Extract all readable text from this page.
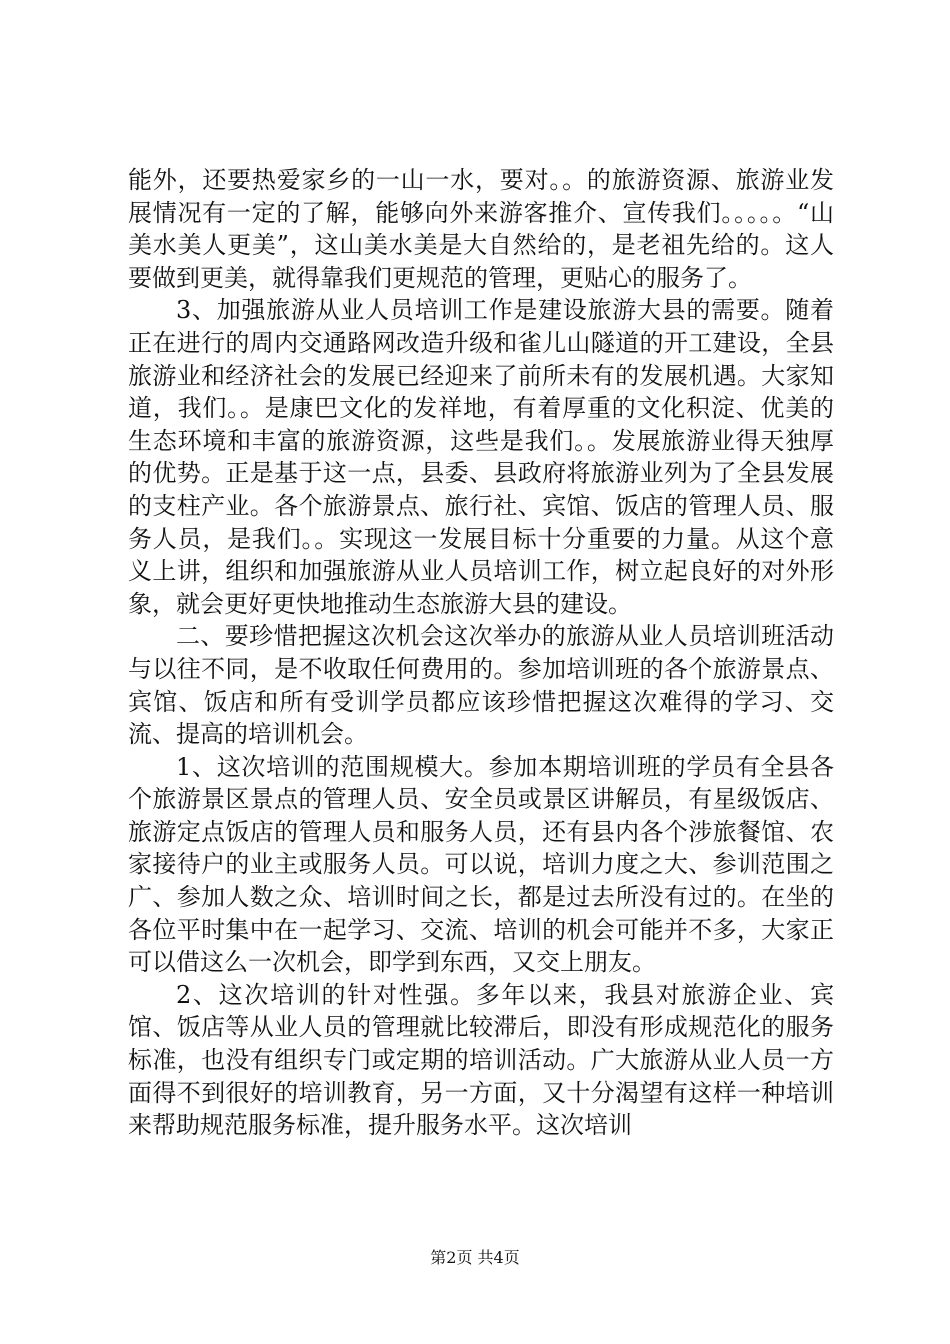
能外，还要热爱家乡的一山一水，要对。。的旅游资源、旅游业发展情况有一定的了解，能够向外来游客推介、宣传我们。。。。。“山美水美人更美”，这山美水美是大自然给的，是老祖先给的。这人要做到更美，就得靠我们更规范的管理，更贴心的服务了。

3、加强旅游从业人员培训工作是建设旅游大县的需要。随着正在进行的周内交通路网改造升级和雀儿山隧道的开工建设，全县旅游业和经济社会的发展已经迎来了前所未有的发展机遇。大家知道，我们。。是康巴文化的发祥地，有着厚重的文化积淀、优美的生态环境和丰富的旅游资源，这些是我们。。发展旅游业得天独厚的优势。正是基于这一点，县委、县政府将旅游业列为了全县发展的支柱产业。各个旅游景点、旅行社、宾馆、饭店的管理人员、服务人员，是我们。。实现这一发展目标十分重要的力量。从这个意义上讲，组织和加强旅游从业人员培训工作，树立起良好的对外形象，就会更好更快地推动生态旅游大县的建设。

二、要珍惜把握这次机会这次举办的旅游从业人员培训班活动与以往不同，是不收取任何费用的。参加培训班的各个旅游景点、宾馆、饭店和所有受训学员都应该珍惜把握这次难得的学习、交流、提高的培训机会。

1、这次培训的范围规模大。参加本期培训班的学员有全县各个旅游景区景点的管理人员、安全员或景区讲解员，有星级饭店、旅游定点饭店的管理人员和服务人员，还有县内各个涉旅餐馆、农家接待户的业主或服务人员。可以说，培训力度之大、参训范围之广、参加人数之众、培训时间之长，都是过去所没有过的。在坐的各位平时集中在一起学习、交流、培训的机会可能并不多，大家正可以借这么一次机会，即学到东西，又交上朋友。

2、这次培训的针对性强。多年以来，我县对旅游企业、宾馆、饭店等从业人员的管理就比较滞后，即没有形成规范化的服务标准，也没有组织专门或定期的培训活动。广大旅游从业人员一方面得不到很好的培训教育，另一方面，又十分渴望有这样一种培训来帮助规范服务标准，提升服务水平。这次培训

第2页 共4页
